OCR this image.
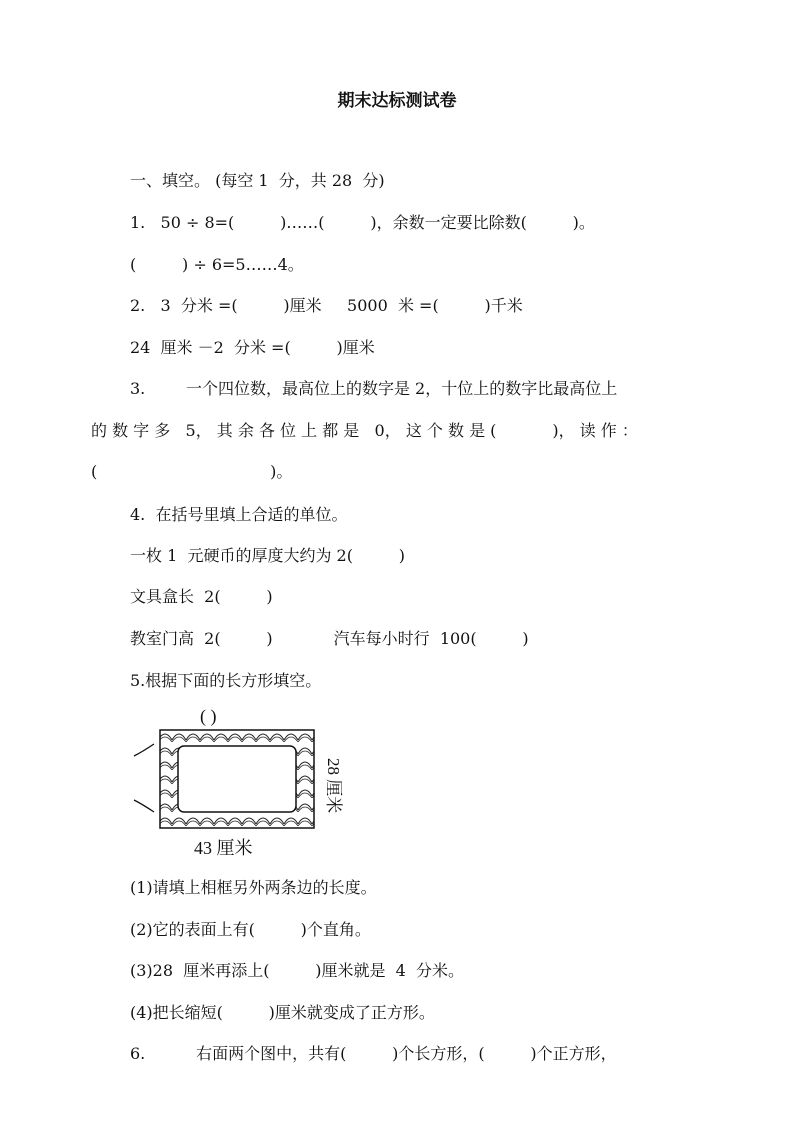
期末达标测试卷
一、填空。 (每空 1  分，共 28  分)
1.   50 ÷ 8=(         )……(         )，余数一定要比除数(         )。
(         ) ÷ 6=5……4。
2.   3  分米 =(         )厘米     5000  米 =(         )千米
24  厘米 －2  分米 =(         )厘米
3.        一个四位数，最高位上的数字是 2，十位上的数字比最高位上
的 数 字 多   5， 其 余 各 位 上 都 是   0， 这 个 数 是 (           )， 读 作 ：
(                                  )。
4.  在括号里填上合适的单位。
一枚 1  元硬币的厚度大约为 2(         )
文具盒长  2(         )
教室门高  2(         )            汽车每小时行  100(         )
5.根据下面的长方形填空。
( )
28 厘米
43 厘米
(1)请填上相框另外两条边的长度。
(2)它的表面上有(         )个直角。
(3)28  厘米再添上(         )厘米就是  4  分米。
(4)把长缩短(         )厘米就变成了正方形。
6.          右面两个图中，共有(         )个长方形，(         )个正方形，
